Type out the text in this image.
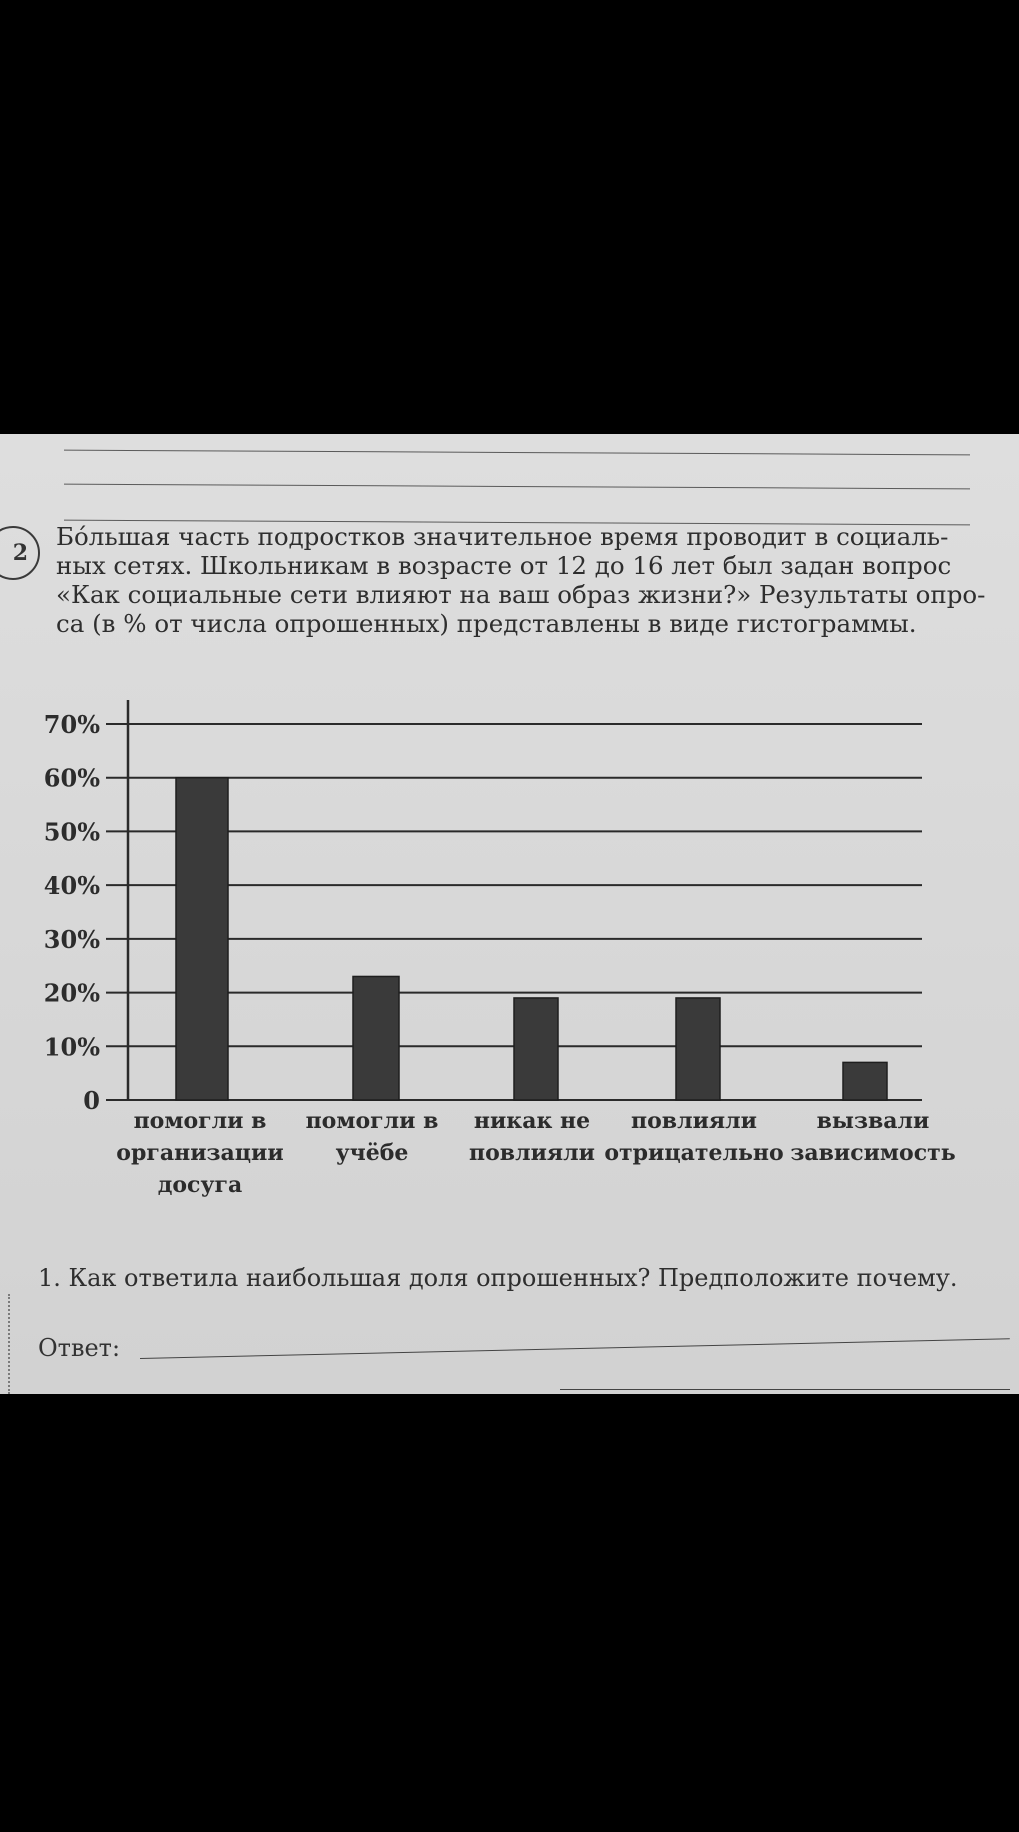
2

Бо́льшая часть подростков значительное время проводит в социаль-
ных сетях. Школьникам в возрасте от 12 до 16 лет был задан вопрос
«Как социальные сети влияют на ваш образ жизни?» Результаты опро-
са (в % от числа опрошенных) представлены в виде гистограммы.

0
10%
20%
30%
40%
50%
60%
70%
помогли в
организации
досуга
помогли в
учёбе
никак не
повлияли
повлияли
отрицательно
вызвали
зависимость

1. Как ответила наибольшая доля опрошенных? Предположите почему.

Ответ:
